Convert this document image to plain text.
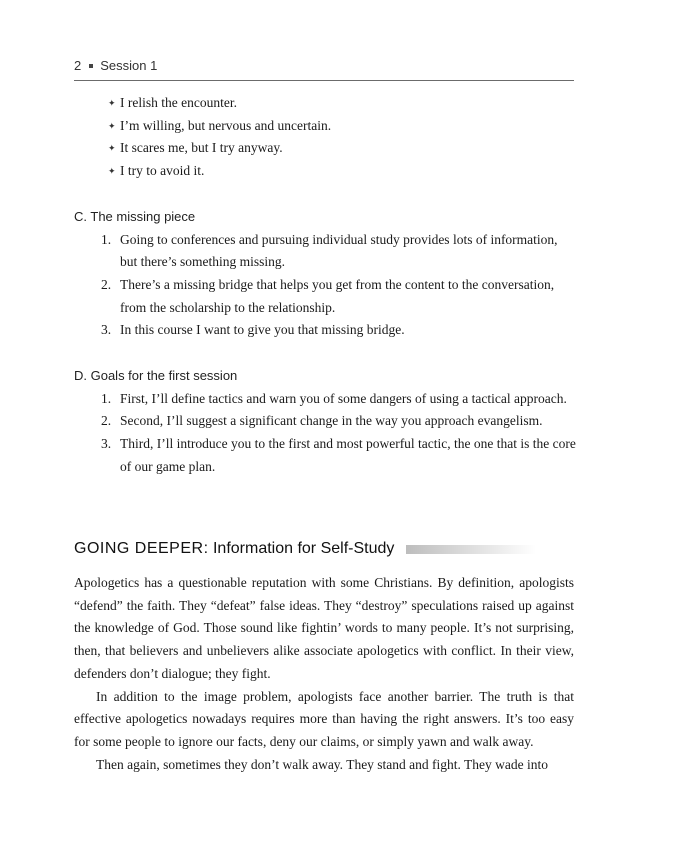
2 Session 1
✦ I relish the encounter.
✦ I’m willing, but nervous and uncertain.
✦ It scares me, but I try anyway.
✦ I try to avoid it.
C. The missing piece
1. Going to conferences and pursuing individual study provides lots of information, but there’s something missing.
2. There’s a missing bridge that helps you get from the content to the conversation, from the scholarship to the relationship.
3. In this course I want to give you that missing bridge.
D. Goals for the first session
1. First, I’ll define tactics and warn you of some dangers of using a tactical approach.
2. Second, I’ll suggest a significant change in the way you approach evangelism.
3. Third, I’ll introduce you to the first and most powerful tactic, the one that is the core of our game plan.
GOING DEEPER: Information for Self-Study

Apologetics has a questionable reputation with some Christians. By definition, apologists “defend” the faith. They “defeat” false ideas. They “destroy” speculations raised up against the knowledge of God. Those sound like fightin’ words to many people. It’s not surprising, then, that believers and unbelievers alike associate apologetics with conflict. In their view, defenders don’t dialogue; they fight.

In addition to the image problem, apologists face another barrier. The truth is that effective apologetics nowadays requires more than having the right answers. It’s too easy for some people to ignore our facts, deny our claims, or simply yawn and walk away.

Then again, sometimes they don’t walk away. They stand and fight. They wade into
